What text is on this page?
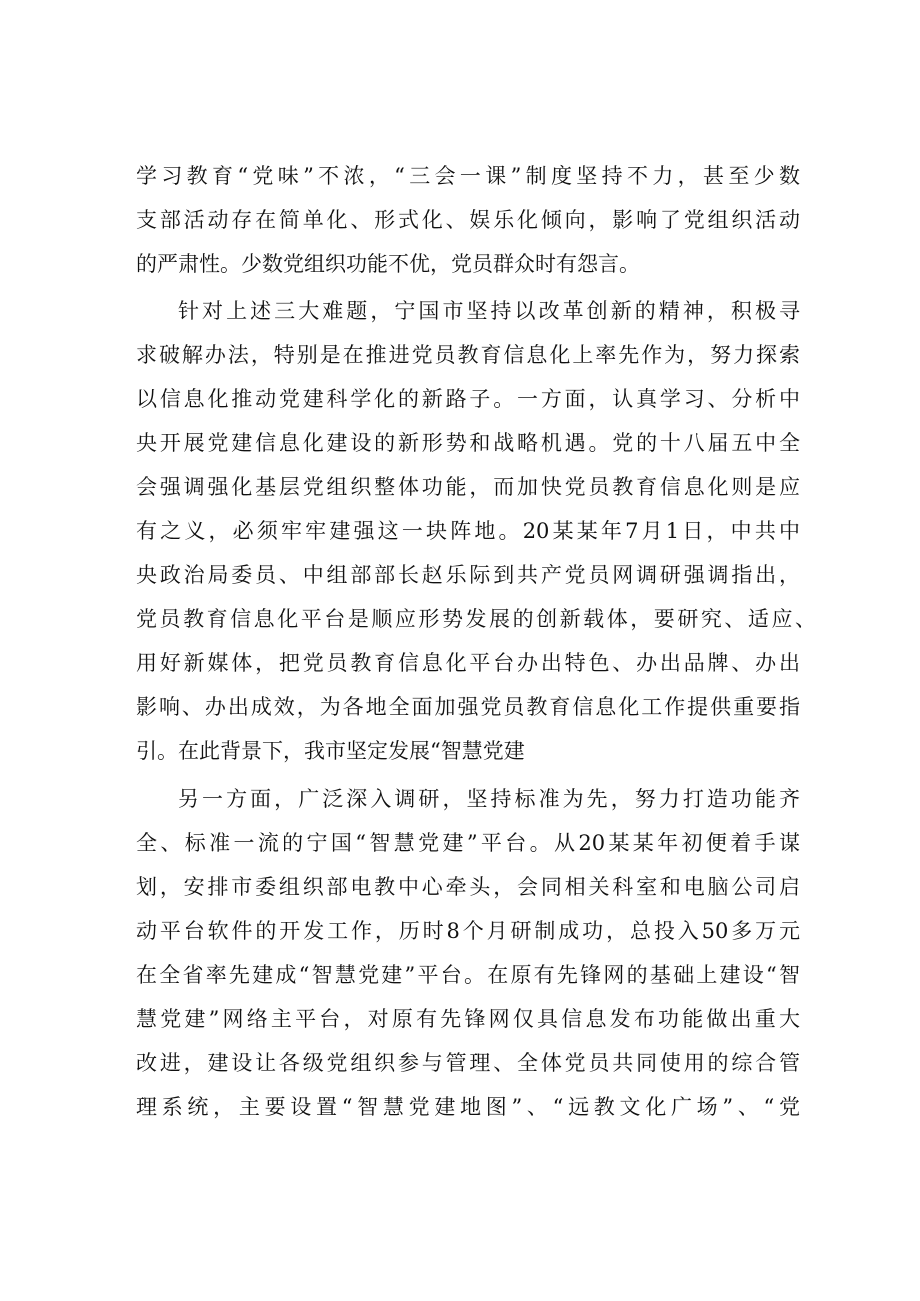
学习教育“党味”不浓，“三会一课”制度坚持不力，甚至少数
支部活动存在简单化、形式化、娱乐化倾向，影响了党组织活动
的严肃性。少数党组织功能不优，党员群众时有怨言。
针对上述三大难题，宁国市坚持以改革创新的精神，积极寻
求破解办法，特别是在推进党员教育信息化上率先作为，努力探索
以信息化推动党建科学化的新路子。一方面，认真学习、分析中
央开展党建信息化建设的新形势和战略机遇。党的十八届五中全
会强调强化基层党组织整体功能，而加快党员教育信息化则是应
有之义，必须牢牢建强这一块阵地。20某某年7月1日，中共中
央政治局委员、中组部部长赵乐际到共产党员网调研强调指出，
党员教育信息化平台是顺应形势发展的创新载体，要研究、适应、
用好新媒体，把党员教育信息化平台办出特色、办出品牌、办出
影响、办出成效，为各地全面加强党员教育信息化工作提供重要指
引。在此背景下，我市坚定发展“智慧党建
另一方面，广泛深入调研，坚持标准为先，努力打造功能齐
全、标准一流的宁国“智慧党建”平台。从20某某年初便着手谋
划，安排市委组织部电教中心牵头，会同相关科室和电脑公司启
动平台软件的开发工作，历时8个月研制成功，总投入50多万元
在全省率先建成“智慧党建”平台。在原有先锋网的基础上建设“智
慧党建”网络主平台，对原有先锋网仅具信息发布功能做出重大
改进，建设让各级党组织参与管理、全体党员共同使用的综合管
理系统，主要设置“智慧党建地图”、“远教文化广场”、“党
